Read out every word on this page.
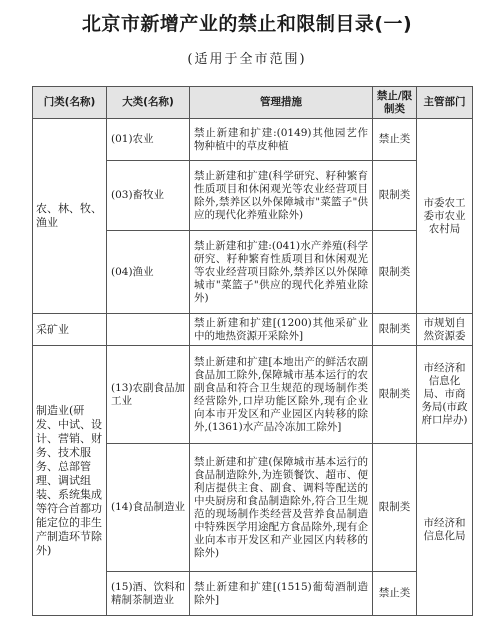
北京市新增产业的禁止和限制目录(一)
(适用于全市范围)
门类(名称)	大类(名称)	管理措施	禁止/限制类	主管部门
农、林、牧、渔业	(01)农业	禁止新建和扩建:(0149)其他园艺作物种植中的草皮种植	禁止类	市委农工委市农业农村局
	(03)畜牧业	禁止新建和扩建(科学研究、籽种繁育性质项目和休闲观光等农业经营项目除外,禁养区以外保障城市"菜篮子"供应的现代化养殖业除外)	限制类	
	(04)渔业	禁止新建和扩建:(041)水产养殖(科学研究、籽种繁育性质项目和休闲观光等农业经营项目除外,禁养区以外保障城市"菜篮子"供应的现代化养殖业除外)	限制类	
采矿业		禁止新建和扩建[(1200)其他采矿业中的地热资源开采除外]	限制类	市规划自然资源委
制造业(研发、中试、设计、营销、财务、技术服务、总部管理、调试组装、系统集成等符合首都功能定位的非生产制造环节除外)	(13)农副食品加工业	禁止新建和扩建[本地出产的鲜活农副食品加工除外,保障城市基本运行的农副食品和符合卫生规范的现场制作类经营除外,口岸功能区除外,现有企业向本市开发区和产业园区内转移的除外,(1361)水产品冷冻加工除外]	限制类	市经济和信息化局、市商务局(市政府口岸办)
	(14)食品制造业	禁止新建和扩建(保障城市基本运行的食品制造除外,为连锁餐饮、超市、便利店提供主食、副食、调料等配送的中央厨房和食品制造除外,符合卫生规范的现场制作类经营及营养食品制造中特殊医学用途配方食品除外,现有企业向本市开发区和产业园区内转移的除外)	限制类	市经济和信息化局
	(15)酒、饮料和精制茶制造业	禁止新建和扩建[(1515)葡萄酒制造除外]	禁止类	
